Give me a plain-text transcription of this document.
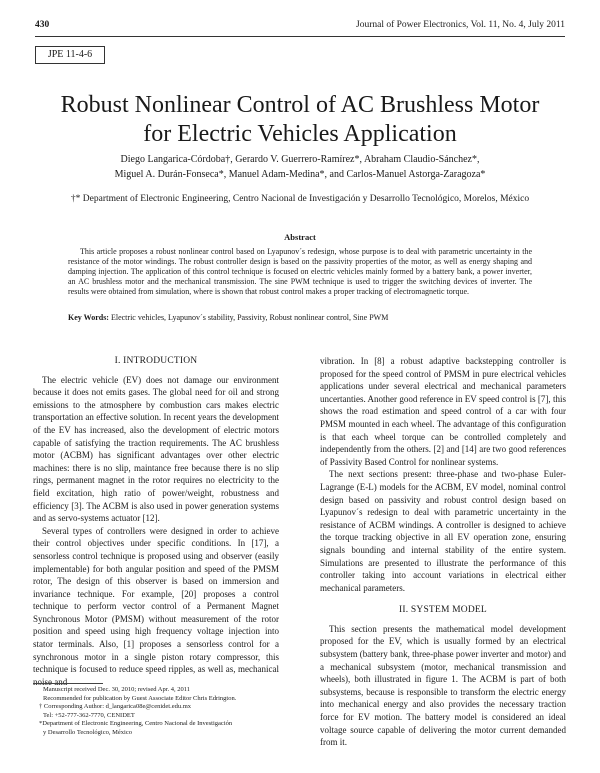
430	Journal of Power Electronics, Vol. 11, No. 4, July 2011
JPE 11-4-6
Robust Nonlinear Control of AC Brushless Motor
for Electric Vehicles Application
Diego Langarica-Córdoba†, Gerardo V. Guerrero-Ramírez*, Abraham Claudio-Sánchez*,
Miguel A. Durán-Fonseca*, Manuel Adam-Medina*, and Carlos-Manuel Astorga-Zaragoza*
†* Department of Electronic Engineering, Centro Nacional de Investigación y Desarrollo Tecnológico, Morelos, México
Abstract
This article proposes a robust nonlinear control based on Lyapunov´s redesign, whose purpose is to deal with parametric uncertainty in the resistance of the motor windings. The robust controller design is based on the passivity properties of the motor, as well as energy shaping and damping injection. The application of this control technique is focused on electric vehicles mainly formed by a battery bank, a power inverter, an AC brushless motor and the mechanical transmission. The sine PWM technique is used to trigger the switching devices of inverter. The results were obtained from simulation, where is shown that robust control makes a proper tracking of electromagnetic torque.
Key Words: Electric vehicles, Lyapunov´s stability, Passivity, Robust nonlinear control, Sine PWM
I. INTRODUCTION

The electric vehicle (EV) does not damage our environment because it does not emits gases. The global need for oil and strong emissions to the atmosphere by combustion cars makes electric transportation an effective solution. In recent years the development of the EV has increased, also the development of electric motors capable of satisfying the traction requirements. The AC brushless motor (ACBM) has significant advantages over other electric machines: there is no slip, maintance free because there is no slip rings, permanent magnet in the rotor requires no electricity to the field excitation, high ratio of power/weight, robustness and efficiency [3]. The ACBM is also used in power generation systems and as servo-systems actuator [12].

Several types of controllers were designed in order to achieve their control objectives under specific conditions. In [17], a sensorless control technique is proposed using and observer (easily implementable) for both angular position and speed of the PMSM rotor, The design of this observer is based on immersion and invariance technique. For example, [20] proposes a control technique to perform vector control of a Permanent Magnet Synchronous Motor (PMSM) without measurement of the rotor position and speed using high frequency voltage injection into stator terminals. Also, [1] proposes a sensorless control for a synchronous motor in a single piston rotary compressor, this technique is focused to reduce speed ripples, as well as, mechanical noise and

Manuscript received Dec. 30, 2010; revised Apr. 4, 2011
Recommended for publication by Guest Associate Editor Chris Edrington.
† Corresponding Author: d_langarica08e@cenidet.edu.mx
Tel: +52-777-362-7770, CENIDET
*Department of Electronic Engineering, Centro Nacional de Investigación
y Desarrollo Tecnológico, México

vibration. In [8] a robust adaptive backstepping controller is proposed for the speed control of PMSM in pure electrical vehicles applications under several electrical and mechanical parameters uncertanties. Another good reference in EV speed control is [7], this shows the road estimation and speed control of a car with four PMSM mounted in each wheel. The advantage of this configuration is that each wheel torque can be controlled completely and independently from the others. [2] and [14] are two good references of Passivity Based Control for nonlinear systems.

The next sections present: three-phase and two-phase Euler-Lagrange (E-L) models for the ACBM, EV model, nominal control design based on passivity and robust control design based on Lyapunov´s redesign to deal with parametric uncertainty in the resistance of ACBM windings. A controller is designed to achieve the torque tracking objective in all EV operation zone, ensuring signals bounding and internal stability of the entire system. Simulations are presented to illustrate the performance of this controller taking into account variations in electrical either mechanical parameters.

II. SYSTEM MODEL

This section presents the mathematical model development proposed for the EV, which is usually formed by an electrical subsystem (battery bank, three-phase power inverter and motor) and a mechanical subsystem (motor, mechanical transmission and wheels), both illustrated in figure 1. The ACBM is part of both subsystems, because is responsible to transform the electric energy into mechanical energy and also provides the necessary traction force for EV motion. The battery model is considered an ideal voltage source capable of delivering the motor current demanded from it.
